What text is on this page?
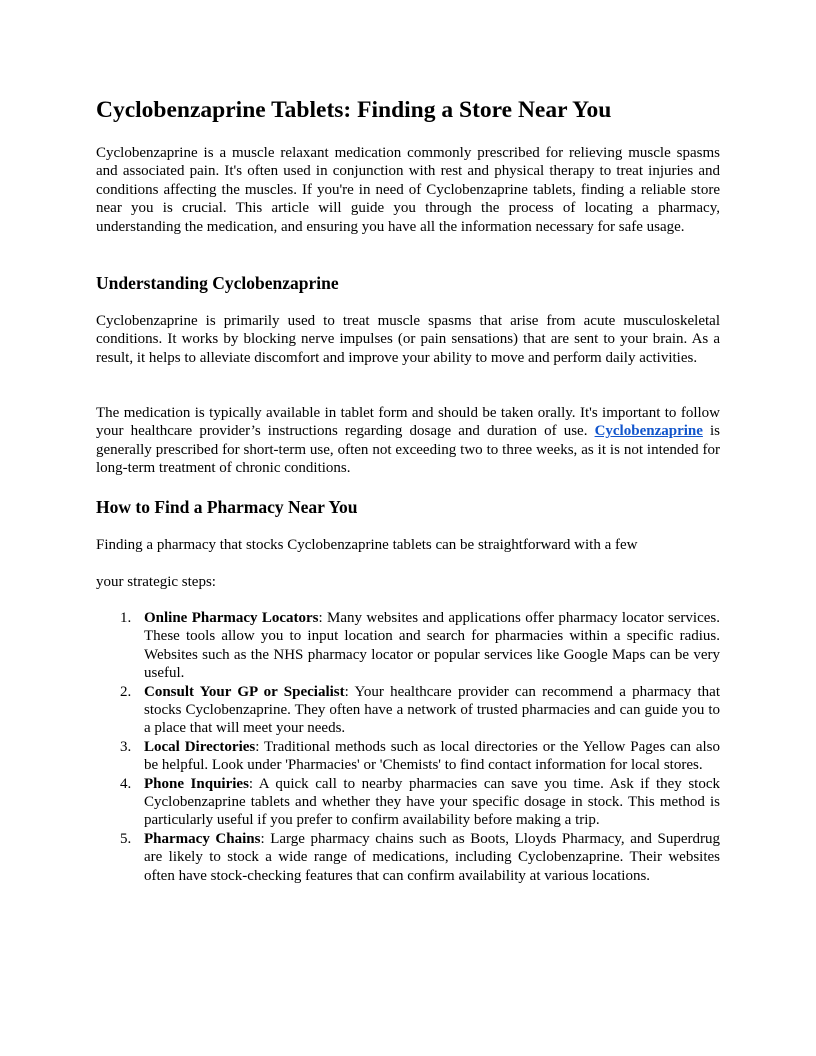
Cyclobenzaprine Tablets: Finding a Store Near You

Cyclobenzaprine is a muscle relaxant medication commonly prescribed for relieving muscle spasms and associated pain. It's often used in conjunction with rest and physical therapy to treat injuries and conditions affecting the muscles. If you're in need of Cyclobenzaprine tablets, finding a reliable store near you is crucial. This article will guide you through the process of locating a pharmacy, understanding the medication, and ensuring you have all the information necessary for safe usage.

Understanding Cyclobenzaprine

Cyclobenzaprine is primarily used to treat muscle spasms that arise from acute musculoskeletal conditions. It works by blocking nerve impulses (or pain sensations) that are sent to your brain. As a result, it helps to alleviate discomfort and improve your ability to move and perform daily activities.

The medication is typically available in tablet form and should be taken orally. It's important to follow your healthcare provider’s instructions regarding dosage and duration of use. Cyclobenzaprine is generally prescribed for short-term use, often not exceeding two to three weeks, as it is not intended for long-term treatment of chronic conditions.

How to Find a Pharmacy Near You

Finding a pharmacy that stocks Cyclobenzaprine tablets can be straightforward with a few

your strategic steps:

1. Online Pharmacy Locators: Many websites and applications offer pharmacy locator services. These tools allow you to input location and search for pharmacies within a specific radius. Websites such as the NHS pharmacy locator or popular services like Google Maps can be very useful.
2. Consult Your GP or Specialist: Your healthcare provider can recommend a pharmacy that stocks Cyclobenzaprine. They often have a network of trusted pharmacies and can guide you to a place that will meet your needs.
3. Local Directories: Traditional methods such as local directories or the Yellow Pages can also be helpful. Look under 'Pharmacies' or 'Chemists' to find contact information for local stores.
4. Phone Inquiries: A quick call to nearby pharmacies can save you time. Ask if they stock Cyclobenzaprine tablets and whether they have your specific dosage in stock. This method is particularly useful if you prefer to confirm availability before making a trip.
5. Pharmacy Chains: Large pharmacy chains such as Boots, Lloyds Pharmacy, and Superdrug are likely to stock a wide range of medications, including Cyclobenzaprine. Their websites often have stock-checking features that can confirm availability at various locations.
